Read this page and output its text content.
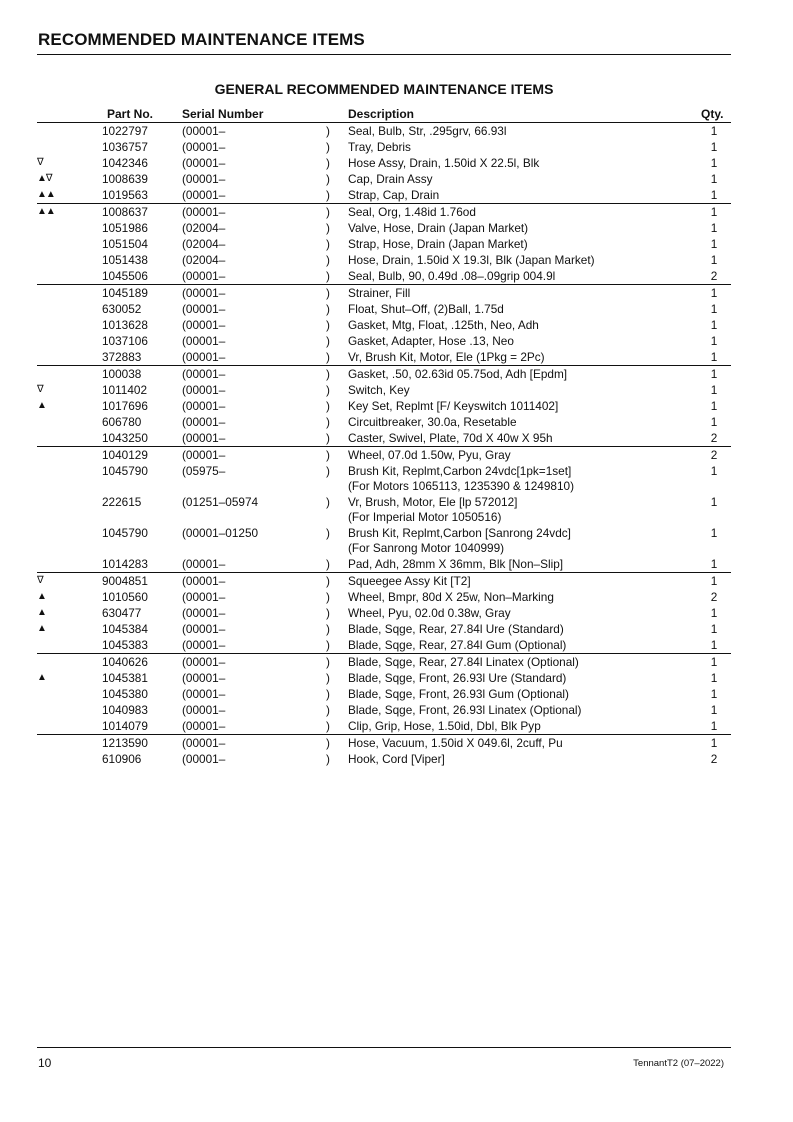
RECOMMENDED MAINTENANCE ITEMS
GENERAL RECOMMENDED MAINTENANCE ITEMS
Part No. Serial Number	Description	Qty.
1022797	(00001–	) Seal, Bulb, Str, .295grv, 66.93l	1
1036757	(00001–	) Tray, Debris	1
∇	1042346	(00001–	) Hose Assy, Drain, 1.50id X 22.5l, Blk	1
▲∇	1008639	(00001–	) Cap, Drain Assy	1
▲▲	1019563	(00001–	) Strap, Cap, Drain	1
▲▲	1008637	(00001–	) Seal, Org, 1.48id 1.76od	1
1051986	(02004–	) Valve, Hose, Drain (Japan Market)	1
1051504	(02004–	) Strap, Hose, Drain (Japan Market)	1
1051438	(02004–	) Hose, Drain, 1.50id X 19.3l, Blk (Japan Market)	1
1045506	(00001–	) Seal, Bulb, 90, 0.49d .08–.09grip 004.9l	2
1045189	(00001–	) Strainer, Fill	1
630052	(00001–	) Float, Shut–Off, (2)Ball, 1.75d	1
1013628	(00001–	) Gasket, Mtg, Float, .125th, Neo, Adh	1
1037106	(00001–	) Gasket, Adapter, Hose .13, Neo	1
372883	(00001–	) Vr, Brush Kit, Motor, Ele (1Pkg = 2Pc)	1
100038	(00001–	) Gasket, .50, 02.63id 05.75od, Adh [Epdm]	1
∇	1011402	(00001–	) Switch, Key	1
▲	1017696	(00001–	) Key Set, Replmt [F/ Keyswitch 1011402]	1
606780	(00001–	) Circuitbreaker, 30.0a, Resetable	1
1043250	(00001–	) Caster, Swivel, Plate, 70d X 40w X 95h	2
1040129	(00001–	) Wheel, 07.0d 1.50w, Pyu, Gray	2
1045790	(05975–	) Brush Kit, Replmt,Carbon 24vdc[1pk=1set]	1
(For Motors 1065113, 1235390 & 1249810)
222615	(01251–05974	) Vr, Brush, Motor, Ele [lp 572012]	1
(For Imperial Motor 1050516)
1045790	(00001–01250	) Brush Kit, Replmt,Carbon [Sanrong 24vdc]	1
(For Sanrong Motor 1040999)
1014283	(00001–	) Pad, Adh, 28mm X 36mm, Blk [Non–Slip]	1
∇	9004851	(00001–	) Squeegee Assy Kit [T2]	1
▲	1010560	(00001–	) Wheel, Bmpr, 80d X 25w, Non–Marking	2
▲	630477	(00001–	) Wheel, Pyu, 02.0d 0.38w, Gray	1
▲	1045384	(00001–	) Blade, Sqge, Rear, 27.84l Ure (Standard)	1
1045383	(00001–	) Blade, Sqge, Rear, 27.84l Gum (Optional)	1
1040626	(00001–	) Blade, Sqge, Rear, 27.84l Linatex (Optional)	1
▲	1045381	(00001–	) Blade, Sqge, Front, 26.93l Ure (Standard)	1
1045380	(00001–	) Blade, Sqge, Front, 26.93l Gum (Optional)	1
1040983	(00001–	) Blade, Sqge, Front, 26.93l Linatex (Optional)	1
1014079	(00001–	) Clip, Grip, Hose, 1.50id, Dbl, Blk Pyp	1
1213590	(00001–	) Hose, Vacuum, 1.50id X 049.6l, 2cuff, Pu	1
610906	(00001–	) Hook, Cord [Viper]	2
10	TennantT2 (07–2022)
